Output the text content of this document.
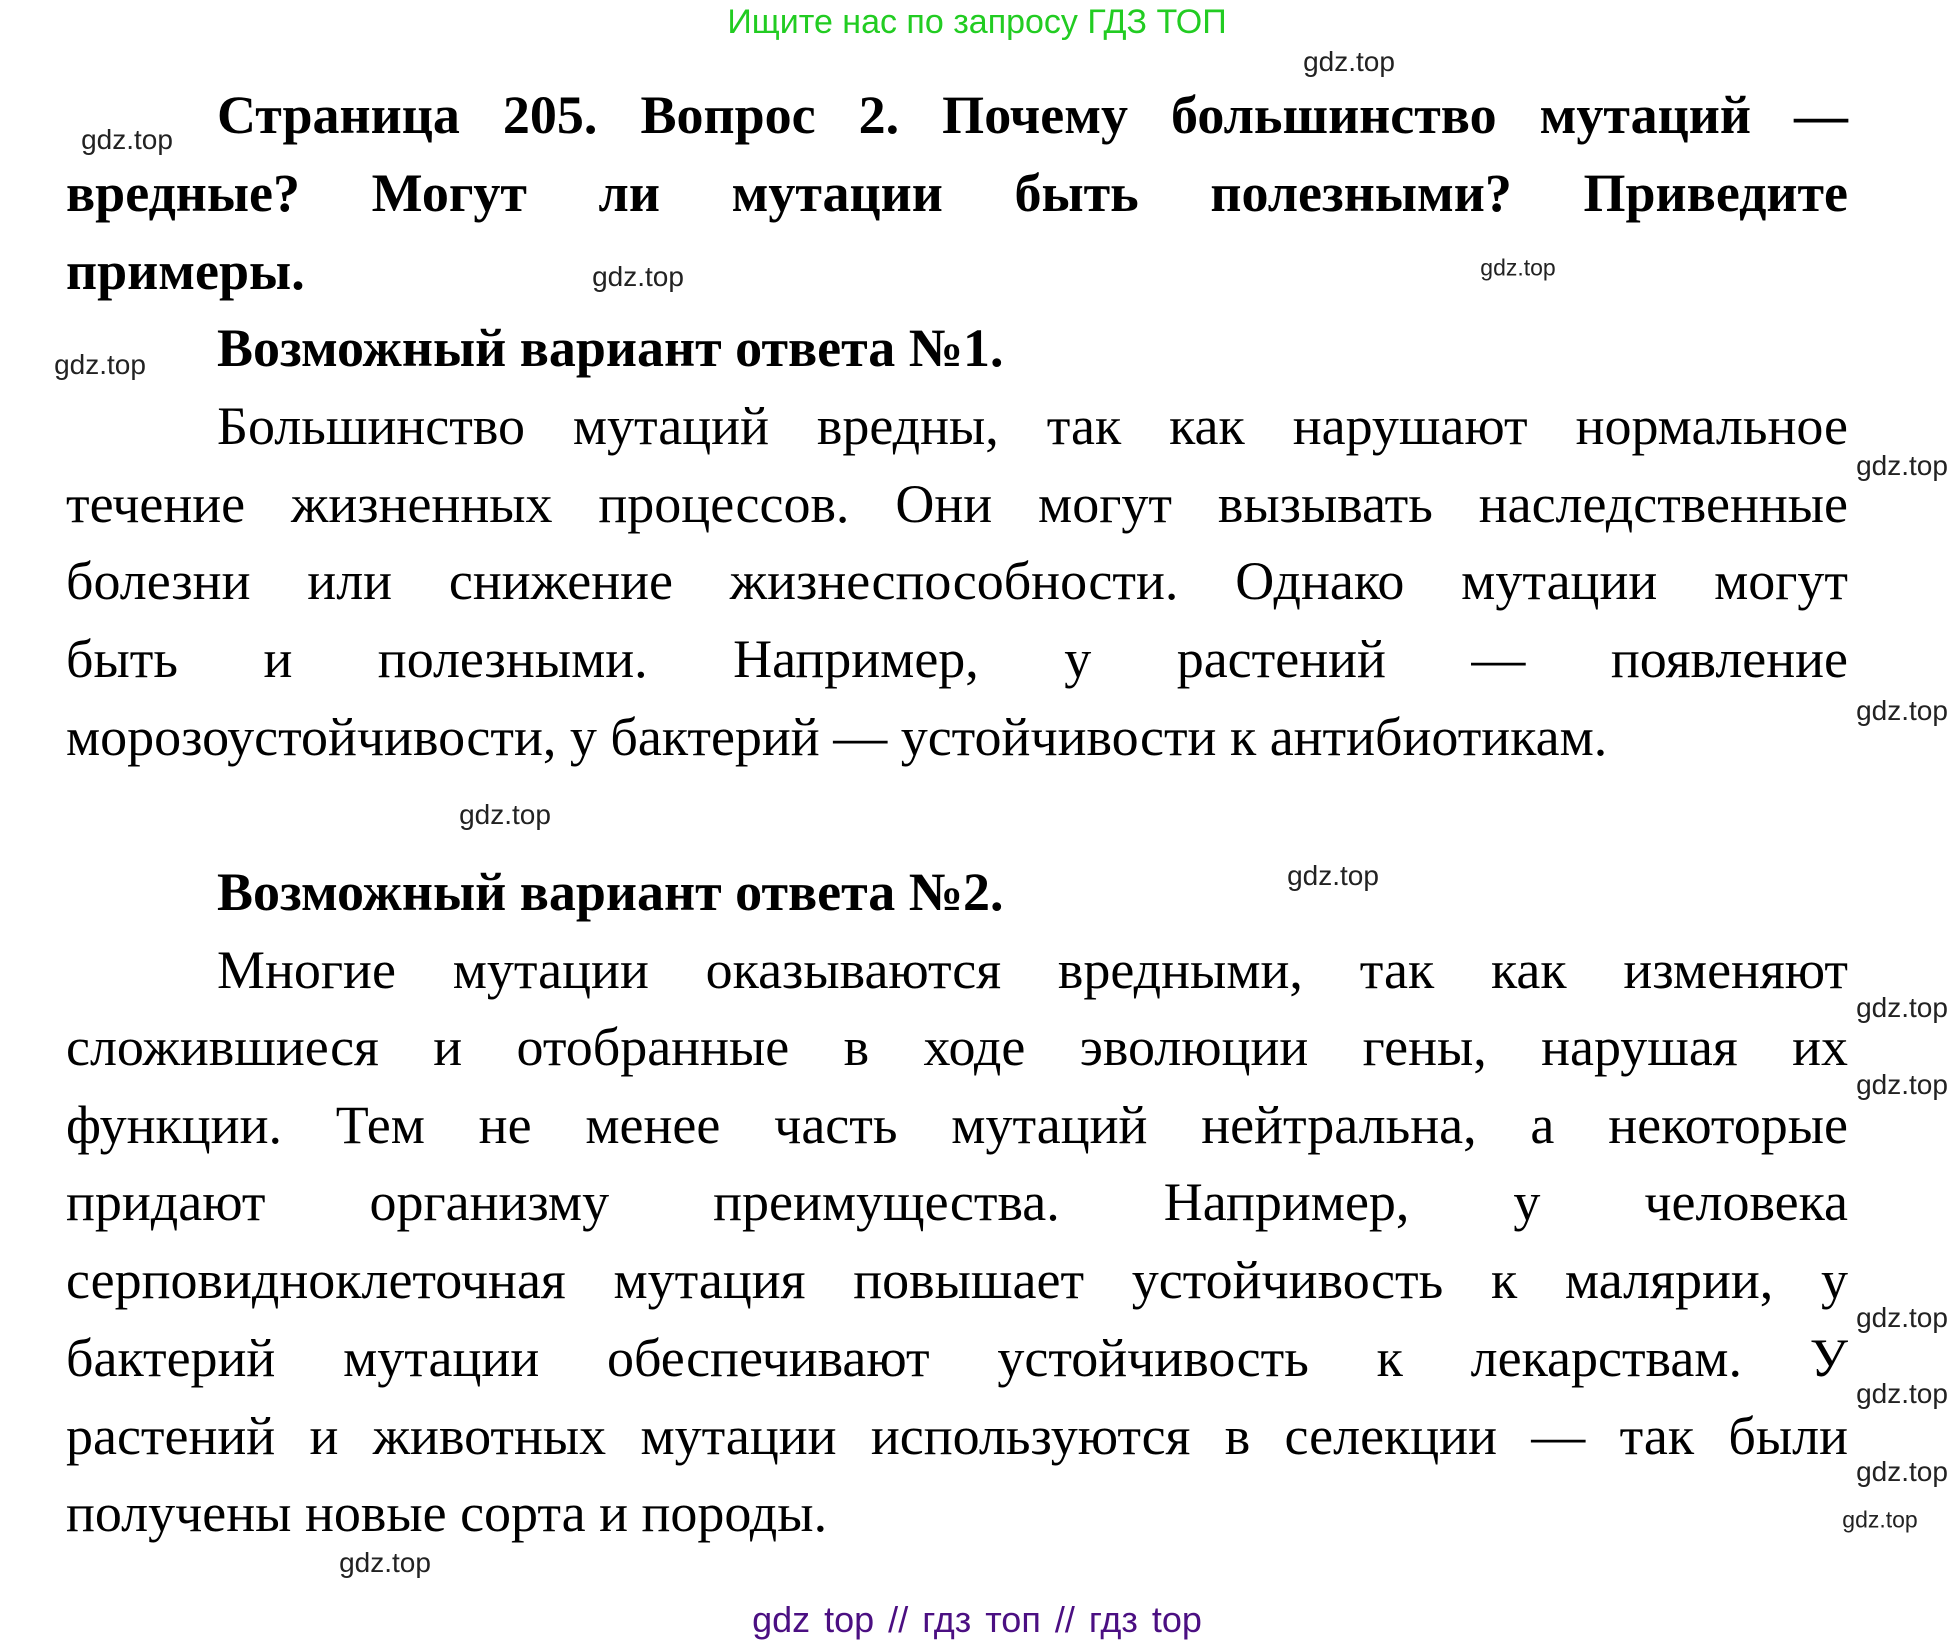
Ищите нас по запросу ГДЗ ТОП
Страница 205. Вопрос 2. Почему большинство мутаций —
вредные? Могут ли мутации быть полезными? Приведите
примеры.
Возможный вариант ответа №1.
Большинство мутаций вредны, так как нарушают нормальное
течение жизненных процессов. Они могут вызывать наследственные
болезни или снижение жизнеспособности. Однако мутации могут
быть и полезными. Например, у растений — появление
морозоустойчивости, у бактерий — устойчивости к антибиотикам.
Возможный вариант ответа №2.
Многие мутации оказываются вредными, так как изменяют
сложившиеся и отобранные в ходе эволюции гены, нарушая их
функции. Тем не менее часть мутаций нейтральна, а некоторые
придают организму преимущества. Например, у человека
серповидноклеточная мутация повышает устойчивость к малярии, у
бактерий мутации обеспечивают устойчивость к лекарствам. У
растений и животных мутации используются в селекции — так были
получены новые сорта и породы.
gdz.top
gdz.top
gdz.top
gdz.top
gdz.top
gdz.top
gdz.top
gdz.top
gdz.top
gdz.top
gdz.top
gdz.top
gdz.top
gdz.top
gdz.top
gdz.top
gdz top // гдз топ // гдз top
